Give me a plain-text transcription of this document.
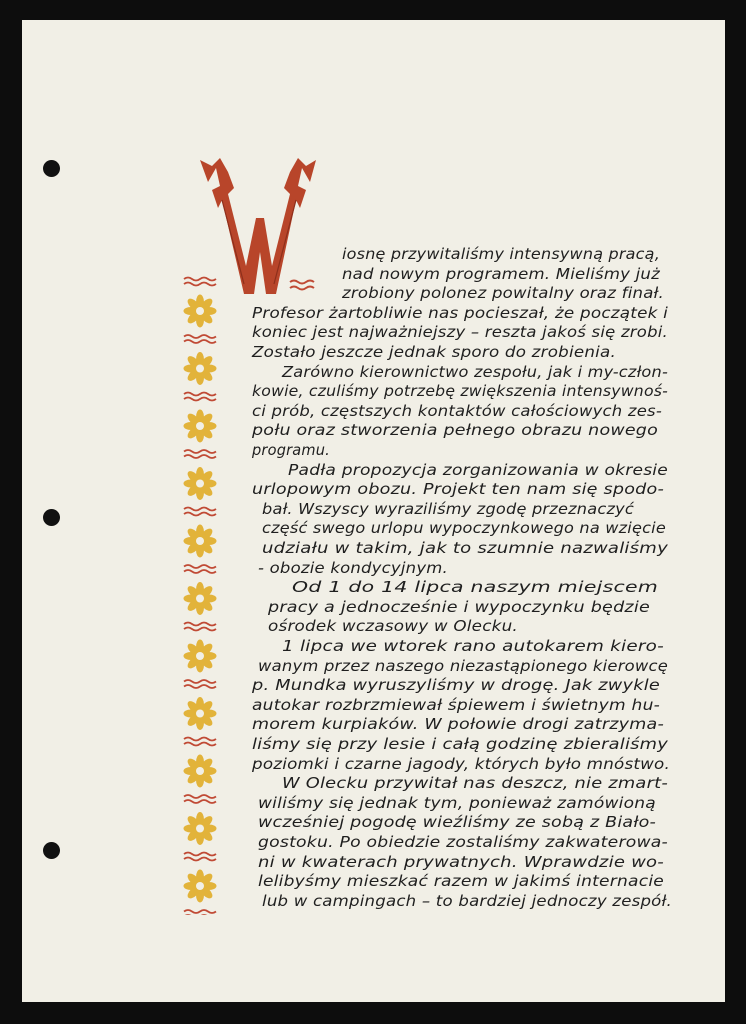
iosnę przywitaliśmy intensywną pracą,
nad nowym programem. Mieliśmy już
zrobiony polonez powitalny oraz finał.
Profesor żartobliwie nas pocieszał, że początek i
koniec jest najważniejszy – reszta jakoś się zrobi.
Zostało jeszcze jednak sporo do zrobienia.
Zarówno kierownictwo zespołu, jak i my-człon-
kowie, czuliśmy potrzebę zwiększenia intensywnoś-
ci prób, częstszych kontaktów całościowych zes-
połu oraz stworzenia pełnego obrazu nowego
programu.
Padła propozycja zorganizowania w okresie
urlopowym obozu. Projekt ten nam się spodo-
bał. Wszyscy wyraziliśmy zgodę przeznaczyć
część swego urlopu wypoczynkowego na wzięcie
udziału w takim, jak to szumnie nazwaliśmy
- obozie kondycyjnym.
Od 1 do 14 lipca naszym miejscem
pracy a jednocześnie i wypoczynku będzie
ośrodek wczasowy w Olecku.
1 lipca we wtorek rano autokarem kiero-
wanym przez naszego niezastąpionego kierowcę
p. Mundka wyruszyliśmy w drogę. Jak zwykle
autokar rozbrzmiewał śpiewem i świetnym hu-
morem kurpiaków. W połowie drogi zatrzyma-
liśmy się przy lesie i całą godzinę zbieraliśmy
poziomki i czarne jagody, których było mnóstwo.
W Olecku przywitał nas deszcz, nie zmart-
wiliśmy się jednak tym, ponieważ zamówioną
wcześniej pogodę wieźliśmy ze sobą z Biało-
gostoku. Po obiedzie zostaliśmy zakwaterowa-
ni w kwaterach prywatnych. Wprawdzie wo-
lelibyśmy mieszkać razem w jakimś internacie
lub w campingach – to bardziej jednoczy zespół.
